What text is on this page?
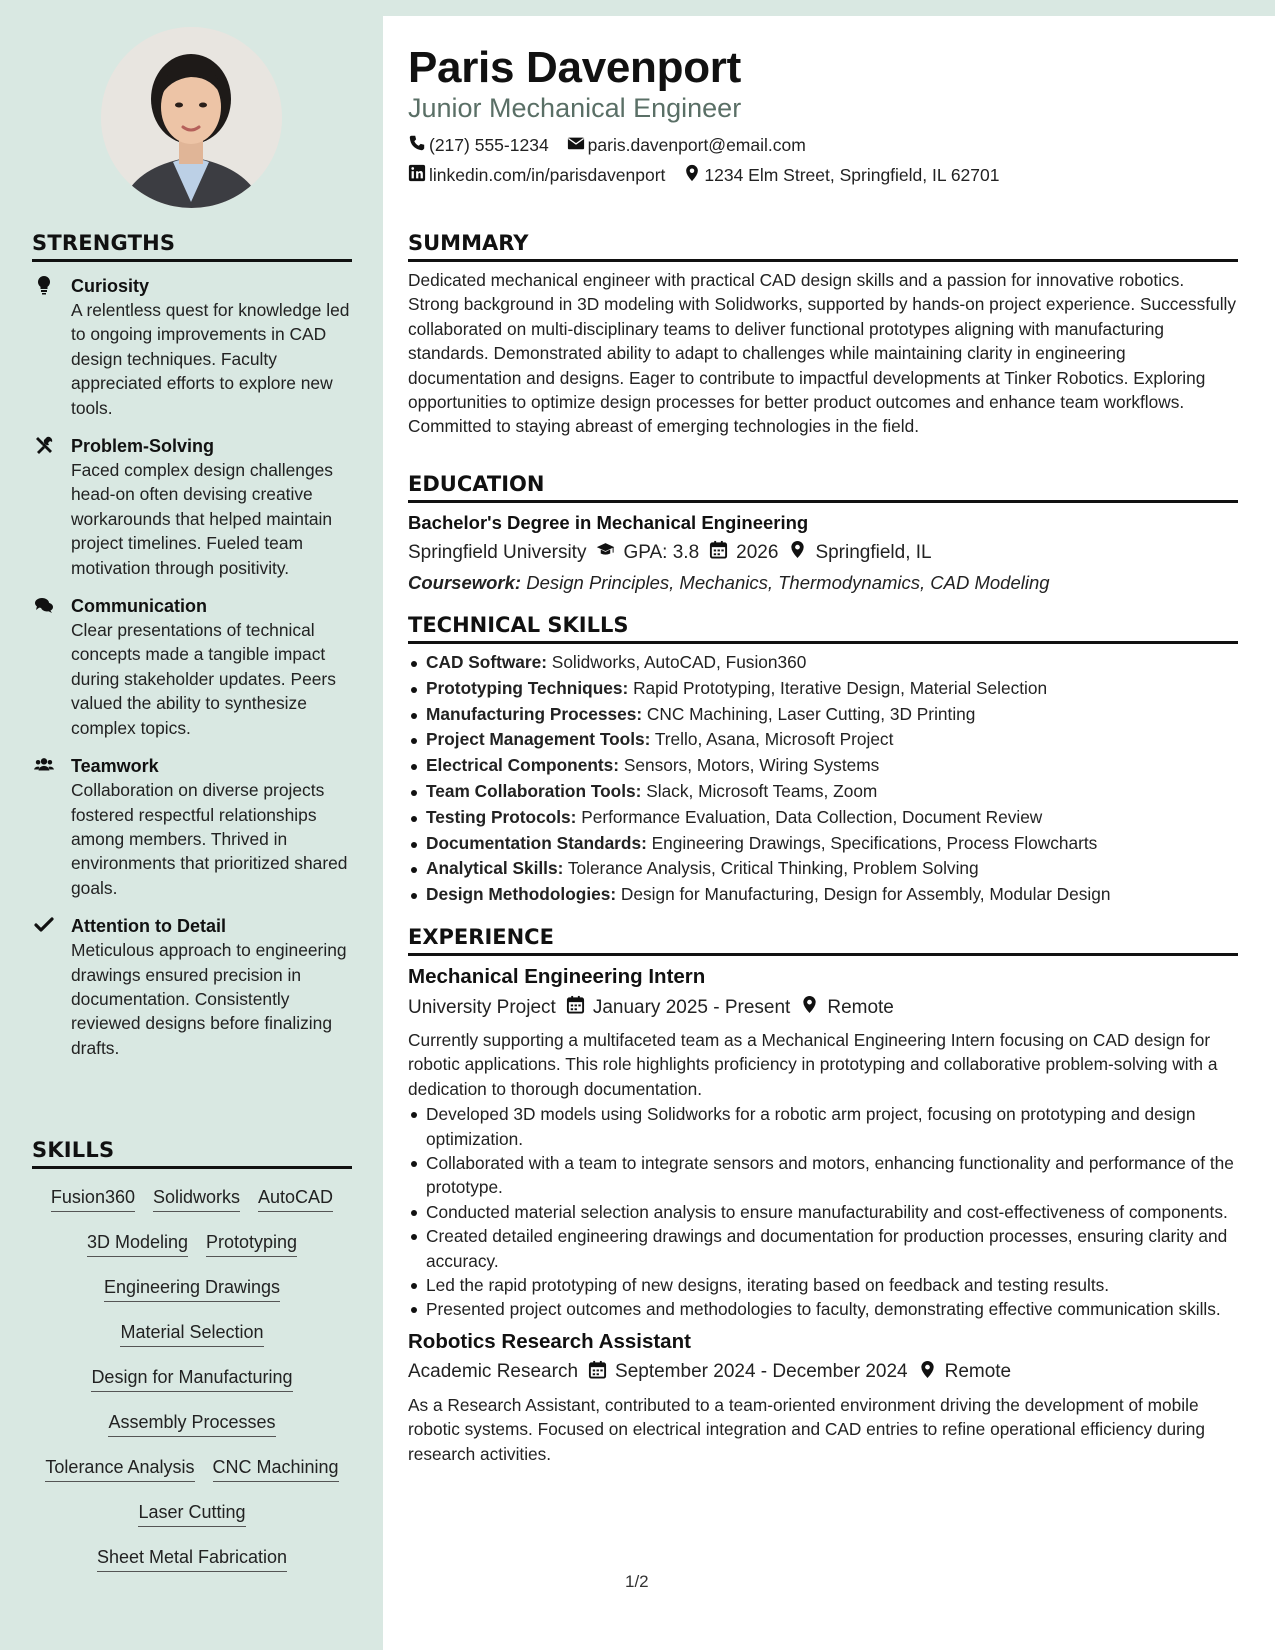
STRENGTHS
Curiosity
A relentless quest for knowledge led to ongoing improvements in CAD design techniques. Faculty appreciated efforts to explore new tools.
Problem-Solving
Faced complex design challenges head-on often devising creative workarounds that helped maintain project timelines. Fueled team motivation through positivity.
Communication
Clear presentations of technical concepts made a tangible impact during stakeholder updates. Peers valued the ability to synthesize complex topics.
Teamwork
Collaboration on diverse projects fostered respectful relationships among members. Thrived in environments that prioritized shared goals.
Attention to Detail
Meticulous approach to engineering drawings ensured precision in documentation. Consistently reviewed designs before finalizing drafts.
SKILLS
Fusion360 Solidworks AutoCAD
3D Modeling Prototyping
Engineering Drawings
Material Selection
Design for Manufacturing
Assembly Processes
Tolerance Analysis CNC Machining
Laser Cutting
Sheet Metal Fabrication
Paris Davenport
Junior Mechanical Engineer
(217) 555-1234 paris.davenport@email.com
linkedin.com/in/parisdavenport 1234 Elm Street, Springfield, IL 62701
SUMMARY
Dedicated mechanical engineer with practical CAD design skills and a passion for innovative robotics. Strong background in 3D modeling with Solidworks, supported by hands-on project experience. Successfully collaborated on multi-disciplinary teams to deliver functional prototypes aligning with manufacturing standards. Demonstrated ability to adapt to challenges while maintaining clarity in engineering documentation and designs. Eager to contribute to impactful developments at Tinker Robotics. Exploring opportunities to optimize design processes for better product outcomes and enhance team workflows. Committed to staying abreast of emerging technologies in the field.
EDUCATION
Bachelor's Degree in Mechanical Engineering
Springfield University GPA: 3.8 2026 Springfield, IL
Coursework: Design Principles, Mechanics, Thermodynamics, CAD Modeling
TECHNICAL SKILLS
CAD Software: Solidworks, AutoCAD, Fusion360
Prototyping Techniques: Rapid Prototyping, Iterative Design, Material Selection
Manufacturing Processes: CNC Machining, Laser Cutting, 3D Printing
Project Management Tools: Trello, Asana, Microsoft Project
Electrical Components: Sensors, Motors, Wiring Systems
Team Collaboration Tools: Slack, Microsoft Teams, Zoom
Testing Protocols: Performance Evaluation, Data Collection, Document Review
Documentation Standards: Engineering Drawings, Specifications, Process Flowcharts
Analytical Skills: Tolerance Analysis, Critical Thinking, Problem Solving
Design Methodologies: Design for Manufacturing, Design for Assembly, Modular Design
EXPERIENCE
Mechanical Engineering Intern
University Project January 2025 - Present Remote
Currently supporting a multifaceted team as a Mechanical Engineering Intern focusing on CAD design for robotic applications. This role highlights proficiency in prototyping and collaborative problem-solving with a dedication to thorough documentation.
Developed 3D models using Solidworks for a robotic arm project, focusing on prototyping and design optimization.
Collaborated with a team to integrate sensors and motors, enhancing functionality and performance of the prototype.
Conducted material selection analysis to ensure manufacturability and cost-effectiveness of components.
Created detailed engineering drawings and documentation for production processes, ensuring clarity and accuracy.
Led the rapid prototyping of new designs, iterating based on feedback and testing results.
Presented project outcomes and methodologies to faculty, demonstrating effective communication skills.
Robotics Research Assistant
Academic Research September 2024 - December 2024 Remote
As a Research Assistant, contributed to a team-oriented environment driving the development of mobile robotic systems. Focused on electrical integration and CAD entries to refine operational efficiency during research activities.
1/2
